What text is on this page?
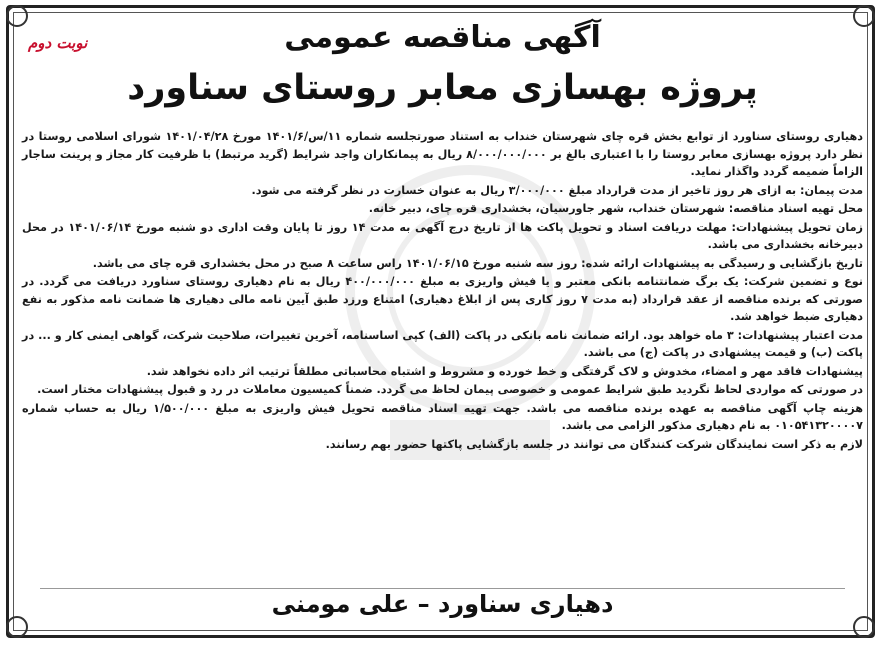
نوبت دوم	آگهی مناقصه عمومی
پروژه بهسازی معابر روستای سناورد

دهیاری روستای سناورد از توابع بخش قره چای شهرستان خنداب به استناد صورتجلسه شماره ۱۱/س/۱۴۰۱/۶ مورخ ۱۴۰۱/۰۴/۲۸ شورای اسلامی روستا در نظر دارد پروژه بهسازی معابر روستا را با اعتباری بالغ بر ۸/۰۰۰/۰۰۰/۰۰۰ ریال به پیمانکاران واجد شرایط (گرید مرتبط) با ظرفیت کار مجاز و پرینت ساجار الزاماً ضمیمه گردد واگذار نماید.

مدت پیمان: به ازای هر روز تاخیر از مدت قرارداد مبلغ ۳/۰۰۰/۰۰۰ ریال به عنوان خسارت در نظر گرفته می شود.

محل تهیه اسناد مناقصه: شهرستان خنداب، شهر جاورسیان، بخشداری قره چای، دبیر خانه.

زمان تحویل پیشنهادات: مهلت دریافت اسناد و تحویل پاکت ها از تاریخ درج آگهی به مدت ۱۴ روز تا پایان وقت اداری دو شنبه مورخ ۱۴۰۱/۰۶/۱۴ در محل دبیرخانه بخشداری می باشد.

تاریخ بازگشایی و رسیدگی به پیشنهادات ارائه شده: روز سه شنبه مورخ ۱۴۰۱/۰۶/۱۵ راس ساعت ۸ صبح در محل بخشداری قره چای می باشد.

نوع و تضمین شرکت: یک برگ ضمانتنامه بانکی معتبر و یا فیش واریزی به مبلغ ۴۰۰/۰۰۰/۰۰۰ ریال به نام دهیاری روستای سناورد دریافت می گردد. در صورتی که برنده مناقصه از عقد قرارداد (به مدت ۷ روز کاری پس از ابلاغ دهیاری) امتناع ورزد طبق آیین نامه مالی دهیاری ها ضمانت نامه مذکور به نفع دهیاری ضبط خواهد شد.

مدت اعتبار پیشنهادات: ۳ ماه خواهد بود. ارائه ضمانت نامه بانکی در پاکت (الف) کپی اساسنامه، آخرین تغییرات، صلاحیت شرکت، گواهی ایمنی کار و ... در پاکت (ب) و قیمت پیشنهادی در پاکت (ج) می باشد.

پیشنهادات فاقد مهر و امضاء، مخدوش و لاک گرفتگی و خط خورده و مشروط و اشتباه محاسباتی مطلقاً ترتیب اثر داده نخواهد شد.

در صورتی که مواردی لحاظ نگردید طبق شرایط عمومی و خصوصی پیمان لحاظ می گردد. ضمناً کمیسیون معاملات در رد و قبول پیشنهادات مختار است.

هزینه چاپ آگهی مناقصه به عهده برنده مناقصه می باشد. جهت تهیه اسناد مناقصه تحویل فیش واریزی به مبلغ ۱/۵۰۰/۰۰۰ ریال به حساب شماره ۰۱۰۵۴۱۳۲۰۰۰۰۷ به نام دهیاری مذکور الزامی می باشد.

لازم به ذکر است نمایندگان شرکت کنندگان می توانند در جلسه بازگشایی پاکتها حضور بهم رسانند.

دهیاری سناورد – علی مومنی
